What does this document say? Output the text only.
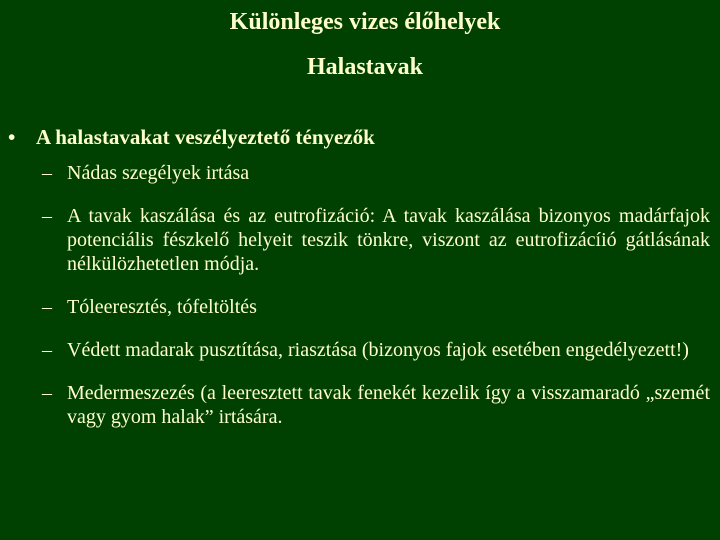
Különleges vizes élőhelyek
Halastavak
• A halastavakat veszélyeztető tényezők
– Nádas szegélyek irtása
– A tavak kaszálása és az eutrofizáció: A tavak kaszálása bizonyos madárfajok potenciális fészkelő helyeit teszik tönkre, viszont az eutrofizácíió gátlásának nélkülözhetetlen módja.
– Tóleeresztés, tófeltöltés
– Védett madarak pusztítása, riasztása (bizonyos fajok esetében engedélyezett!)
– Medermeszezés (a leeresztett tavak fenekét kezelik így a visszamaradó „szemét vagy gyom halak” irtására.
